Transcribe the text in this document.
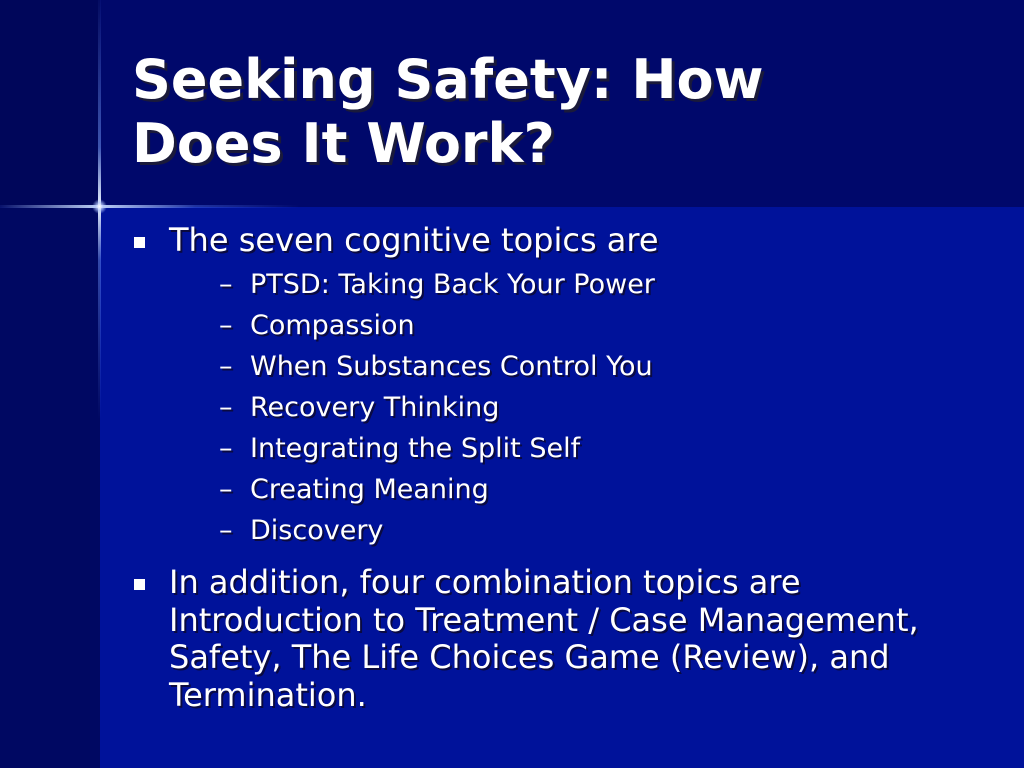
Seeking Safety: How
Does It Work?
The seven cognitive topics are
– PTSD: Taking Back Your Power
– Compassion
– When Substances Control You
– Recovery Thinking
– Integrating the Split Self
– Creating Meaning
– Discovery
In addition, four combination topics are Introduction to Treatment / Case Management, Safety, The Life Choices Game (Review), and Termination.
